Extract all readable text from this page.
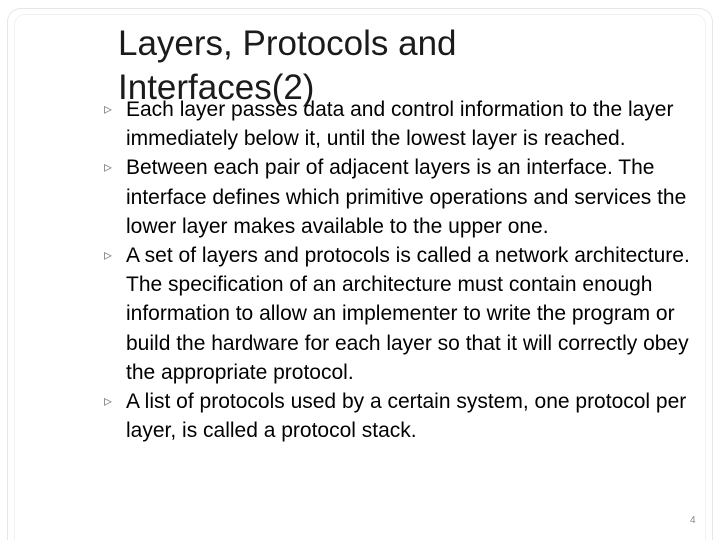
Layers, Protocols and
Interfaces(2)
▹ Each layer passes data and control information to the layer immediately below it, until the lowest layer is reached.
▹ Between each pair of adjacent layers is an interface. The interface defines which primitive operations and services the lower layer makes available to the upper one.
▹ A set of layers and protocols is called a network architecture. The specification of an architecture must contain enough information to allow an implementer to write the program or build the hardware for each layer so that it will correctly obey the appropriate protocol.
▹ A list of protocols used by a certain system, one protocol per layer, is called a protocol stack.
4
